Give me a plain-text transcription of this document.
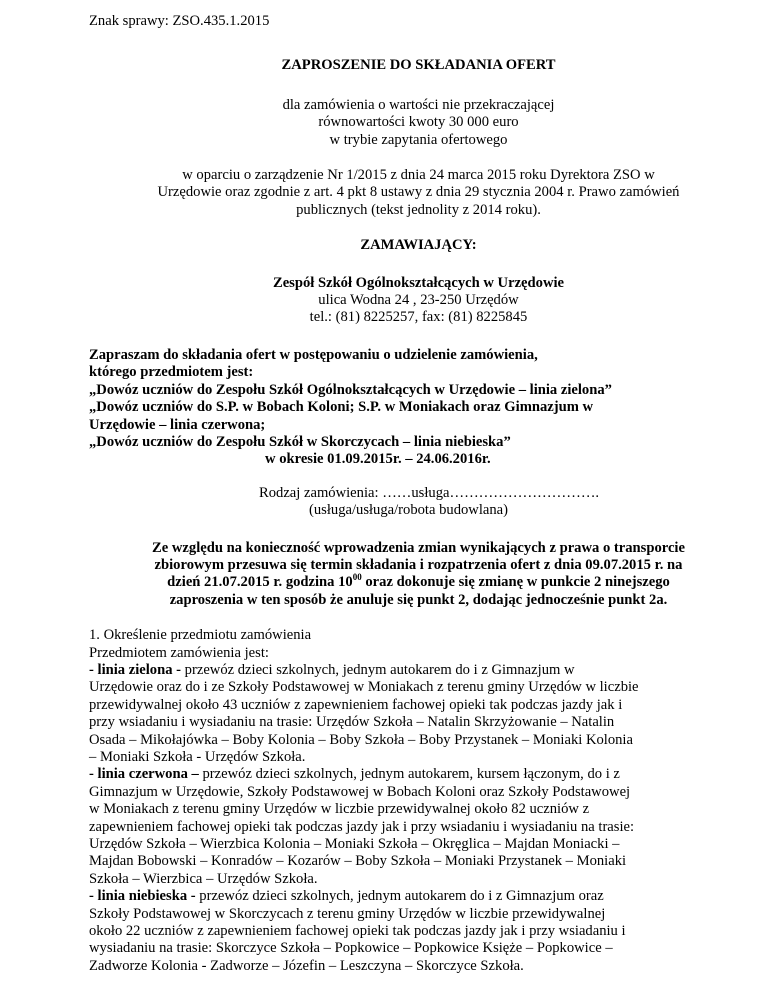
Znak sprawy: ZSO.435.1.2015
ZAPROSZENIE DO SKŁADANIA OFERT
dla zamówienia o wartości nie przekraczającej
równowartości kwoty 30 000 euro
w trybie zapytania ofertowego
w oparciu o zarządzenie Nr 1/2015 z dnia 24 marca 2015 roku Dyrektora ZSO w
Urzędowie oraz zgodnie z art. 4 pkt 8 ustawy z dnia 29 stycznia 2004 r. Prawo zamówień
publicznych (tekst jednolity z 2014 roku).
ZAMAWIAJĄCY:
Zespół Szkół Ogólnokształcących w Urzędowie
ulica Wodna 24 , 23-250 Urzędów
tel.: (81) 8225257, fax: (81) 8225845
Zapraszam do składania ofert w postępowaniu o udzielenie zamówienia,
którego przedmiotem jest:
„Dowóz uczniów do Zespołu Szkół Ogólnokształcących w Urzędowie – linia zielona”
„Dowóz uczniów do S.P. w Bobach Koloni; S.P. w Moniakach oraz Gimnazjum w
Urzędowie – linia czerwona;
„Dowóz uczniów do Zespołu Szkół w Skorczycach – linia niebieska”
w okresie 01.09.2015r. – 24.06.2016r.
Rodzaj zamówienia: ……usługa………………………….
(usługa/usługa/robota budowlana)
Ze względu na konieczność wprowadzenia zmian wynikających z prawa o transporcie
zbiorowym przesuwa się termin składania i rozpatrzenia ofert z dnia 09.07.2015 r. na
dzień 21.07.2015 r. godzina $10^{00}$ oraz dokonuje się zmianę w punkcie 2 ninejszego
zaproszenia w ten sposób że anuluje się punkt 2, dodając jednocześnie punkt 2a.
1. Określenie przedmiotu zamówienia
Przedmiotem zamówienia jest:
- linia zielona - przewóz dzieci szkolnych, jednym autokarem do i z Gimnazjum w
Urzędowie oraz do i ze Szkoły Podstawowej w Moniakach z terenu gminy Urzędów w liczbie
przewidywalnej około 43 uczniów z zapewnieniem fachowej opieki tak podczas jazdy jak i
przy wsiadaniu i wysiadaniu na trasie: Urzędów Szkoła – Natalin Skrzyżowanie – Natalin
Osada – Mikołajówka – Boby Kolonia – Boby Szkoła – Boby Przystanek – Moniaki Kolonia
– Moniaki Szkoła - Urzędów Szkoła.
- linia czerwona – przewóz dzieci szkolnych, jednym autokarem, kursem łączonym, do i z
Gimnazjum w Urzędowie, Szkoły Podstawowej w Bobach Koloni oraz Szkoły Podstawowej
w Moniakach z terenu gminy Urzędów w liczbie przewidywalnej około 82 uczniów z
zapewnieniem fachowej opieki tak podczas jazdy jak i przy wsiadaniu i wysiadaniu na trasie:
Urzędów Szkoła – Wierzbica Kolonia – Moniaki Szkoła – Okręglica – Majdan Moniacki –
Majdan Bobowski – Konradów – Kozarów – Boby Szkoła – Moniaki Przystanek – Moniaki
Szkoła – Wierzbica – Urzędów Szkoła.
- linia niebieska - przewóz dzieci szkolnych, jednym autokarem do i z Gimnazjum oraz
Szkoły Podstawowej w Skorczycach z terenu gminy Urzędów w liczbie przewidywalnej
około 22 uczniów z zapewnieniem fachowej opieki tak podczas jazdy jak i przy wsiadaniu i
wysiadaniu na trasie: Skorczyce Szkoła – Popkowice – Popkowice Księże – Popkowice –
Zadworze Kolonia - Zadworze – Józefin – Leszczyna – Skorczyce Szkoła.
